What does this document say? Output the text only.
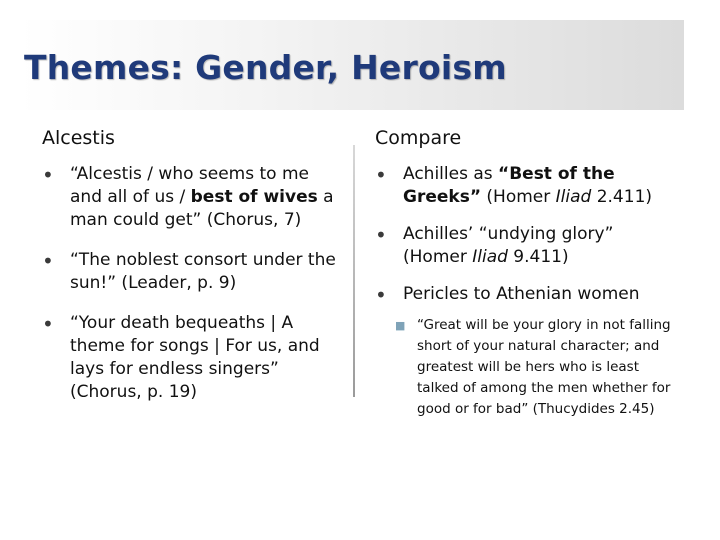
Themes: Gender, Heroism
Alcestis	Compare
• “Alcestis / who seems to me and all of us / best of wives a man could get” (Chorus, 7)
• “The noblest consort under the sun!” (Leader, p. 9)
• “Your death bequeaths | A theme for songs | For us, and lays for endless singers” (Chorus, p. 19)
• Achilles as “Best of the Greeks” (Homer Iliad 2.411)
• Achilles’ “undying glory” (Homer Iliad 9.411)
• Pericles to Athenian women
■ “Great will be your glory in not falling short of your natural character; and greatest will be hers who is least talked of among the men whether for good or for bad” (Thucydides 2.45)
